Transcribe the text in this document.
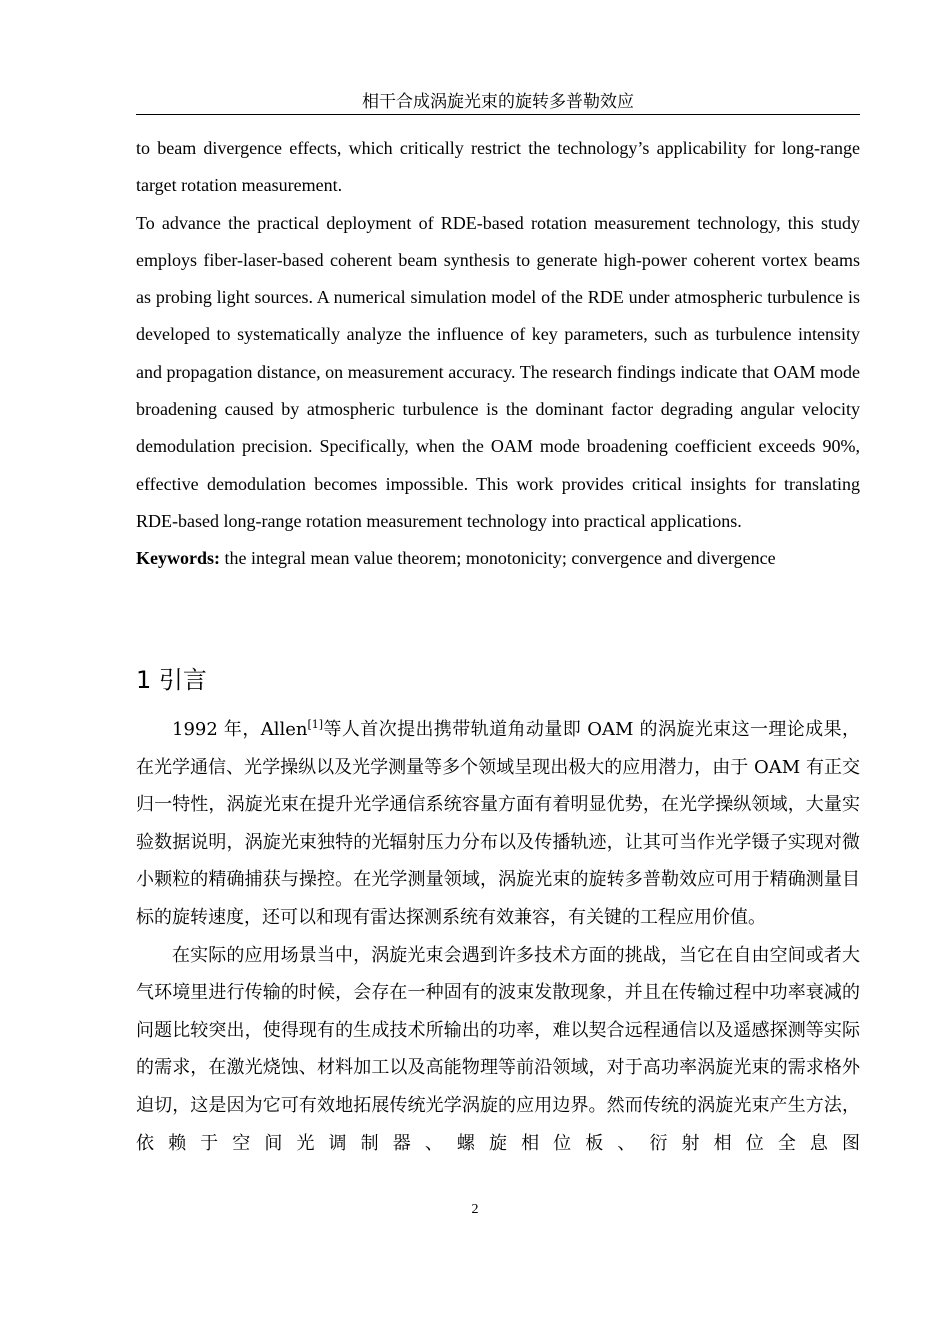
相干合成涡旋光束的旋转多普勒效应

to beam divergence effects, which critically restrict the technology’s applicability for long-range target rotation measurement.

To advance the practical deployment of RDE-based rotation measurement technology, this study employs fiber-laser-based coherent beam synthesis to generate high-power coherent vortex beams as probing light sources. A numerical simulation model of the RDE under atmospheric turbulence is developed to systematically analyze the influence of key parameters, such as turbulence intensity and propagation distance, on measurement accuracy. The research findings indicate that OAM mode broadening caused by atmospheric turbulence is the dominant factor degrading angular velocity demodulation precision. Specifically, when the OAM mode broadening coefficient exceeds 90%, effective demodulation becomes impossible. This work provides critical insights for translating RDE-based long-range rotation measurement technology into practical applications.

Keywords: the integral mean value theorem; monotonicity; convergence and divergence

1 引言

1992 年，Allen[1]等人首次提出携带轨道角动量即 OAM 的涡旋光束这一理论成果，在光学通信、光学操纵以及光学测量等多个领域呈现出极大的应用潜力，由于 OAM 有正交归一特性，涡旋光束在提升光学通信系统容量方面有着明显优势，在光学操纵领域，大量实验数据说明，涡旋光束独特的光辐射压力分布以及传播轨迹，让其可当作光学镊子实现对微小颗粒的精确捕获与操控。在光学测量领域，涡旋光束的旋转多普勒效应可用于精确测量目标的旋转速度，还可以和现有雷达探测系统有效兼容，有关键的工程应用价值。

在实际的应用场景当中，涡旋光束会遇到许多技术方面的挑战，当它在自由空间或者大气环境里进行传输的时候，会存在一种固有的波束发散现象，并且在传输过程中功率衰减的问题比较突出，使得现有的生成技术所输出的功率，难以契合远程通信以及遥感探测等实际的需求，在激光烧蚀、材料加工以及高能物理等前沿领域，对于高功率涡旋光束的需求格外迫切，这是因为它可有效地拓展传统光学涡旋的应用边界。然而传统的涡旋光束产生方法，依赖于空间光调制器、螺旋相位板、衍射相位全息图

2
